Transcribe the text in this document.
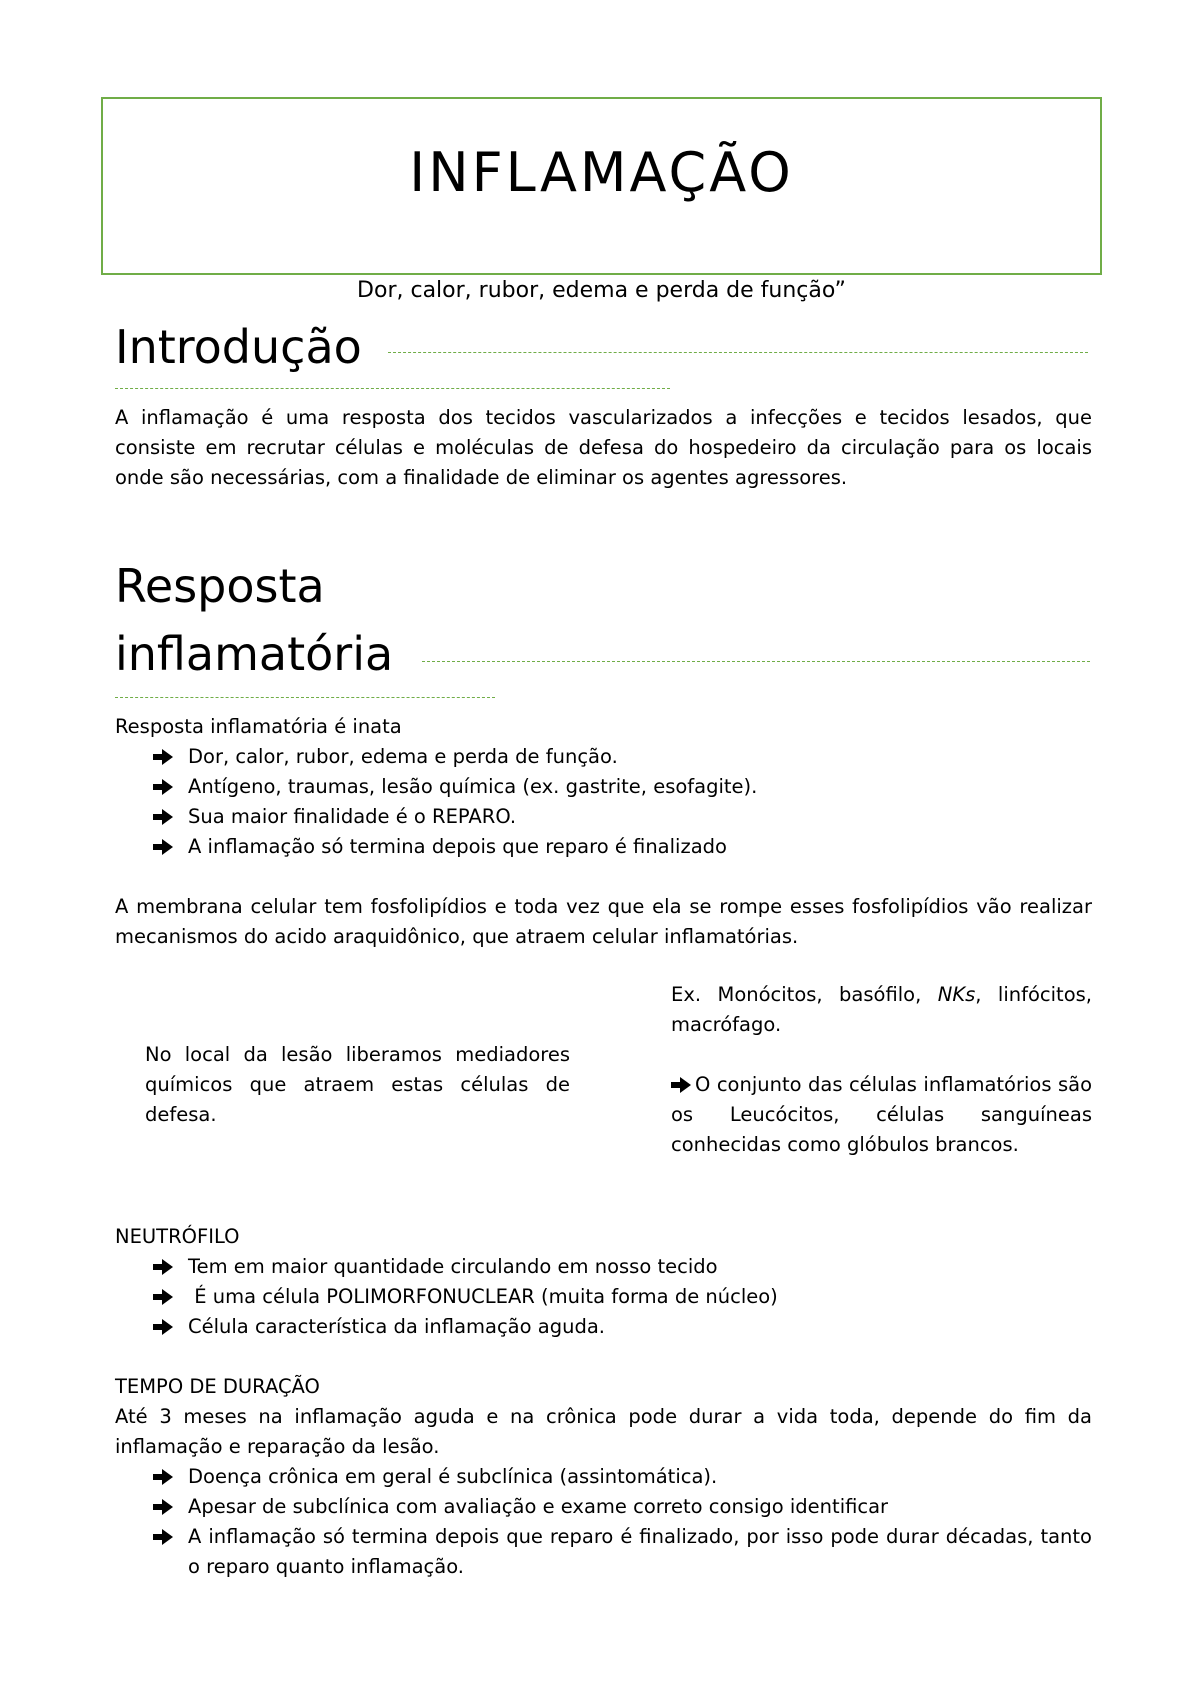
INFLAMAÇÃO
Dor, calor, rubor, edema e perda de função”
Introdução

A inflamação é uma resposta dos tecidos vascularizados a infecções e tecidos lesados, que consiste em recrutar células e moléculas de defesa do hospedeiro da circulação para os locais onde são necessárias, com a finalidade de eliminar os agentes agressores.

Resposta
inflamatória
Resposta inflamatória é inata
Dor, calor, rubor, edema e perda de função.
Antígeno, traumas, lesão química (ex. gastrite, esofagite).
Sua maior finalidade é o REPARO.
A inflamação só termina depois que reparo é finalizado

A membrana celular tem fosfolipídios e toda vez que ela se rompe esses fosfolipídios vão realizar mecanismos do acido araquidônico, que atraem celular inflamatórias.

No local da lesão liberamos mediadores químicos que atraem estas células de defesa.

Ex. Monócitos, basófilo, NKs, linfócitos, macrófago.

O conjunto das células inflamatórios são os Leucócitos, células sanguíneas conhecidas como glóbulos brancos.

NEUTRÓFILO
Tem em maior quantidade circulando em nosso tecido
É uma célula POLIMORFONUCLEAR (muita forma de núcleo)
Célula característica da inflamação aguda.
TEMPO DE DURAÇÃO

Até 3 meses na inflamação aguda e na crônica pode durar a vida toda, depende do fim da inflamação e reparação da lesão.

Doença crônica em geral é subclínica (assintomática).
Apesar de subclínica com avaliação e exame correto consigo identificar
A inflamação só termina depois que reparo é finalizado, por isso pode durar décadas, tanto o reparo quanto inflamação.
